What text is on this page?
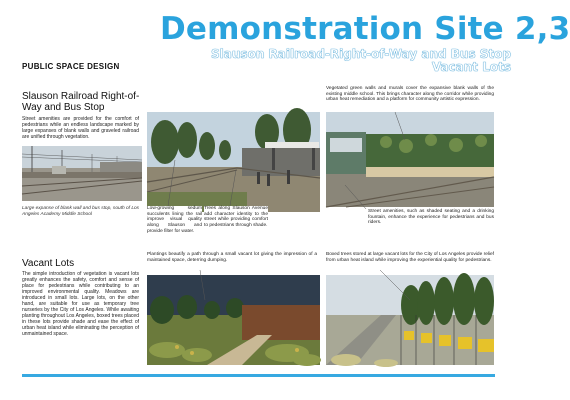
Demonstration Site 2,3
Slauson Railroad-Right-of-Way and Bus Stop
Vacant Lots
PUBLIC SPACE DESIGN
Slauson Railroad Right-of-Way and Bus Stop
Street amenities are provided for the comfort of pedestrians while an endless landscape marked by large expanses of blank walls and graveled railroad are unified through vegetation.
Large expanse of blank wall and bus stop, south of Los Angeles Academy Middle School
Vacant Lots
The simple introduction of vegetation is vacant lots greatly enhances the safety, comfort and sense of place for pedestrians while contributing to an improved environmental quality. Meadows are introduced in small lots. Large lots, on the other hand, are suitable for use as temporary tree nurseries by the City of Los Angeles. While awaiting planting throughout Los Angeles, boxed trees placed in these lots provide shade and ease the effect of urban heat island while eliminating the perception of unmaintained space.
Low-growing sedum succulents lining the rail improve visual quality along Slauson and provide filter for water.
Trees along Slauson Avenue add character identity to the street while providing comfort to pedestrians through shade.
Vegetated green walls and murals cover the expansive blank walls of the existing middle school. This brings character along the corridor while providing urban heat remediation and a platform for community artistic expression.
Street amenities, such as shaded seating and a drinking fountain, enhance the experience for pedestrians and bus riders.
Plantings beautify a path through a small vacant lot giving the impression of a maintained space, deterring dumping.
Boxed trees stored at large vacant lots for the City of Los Angeles provide relief from urban heat island while improving the experiential quality for pedestrians.
